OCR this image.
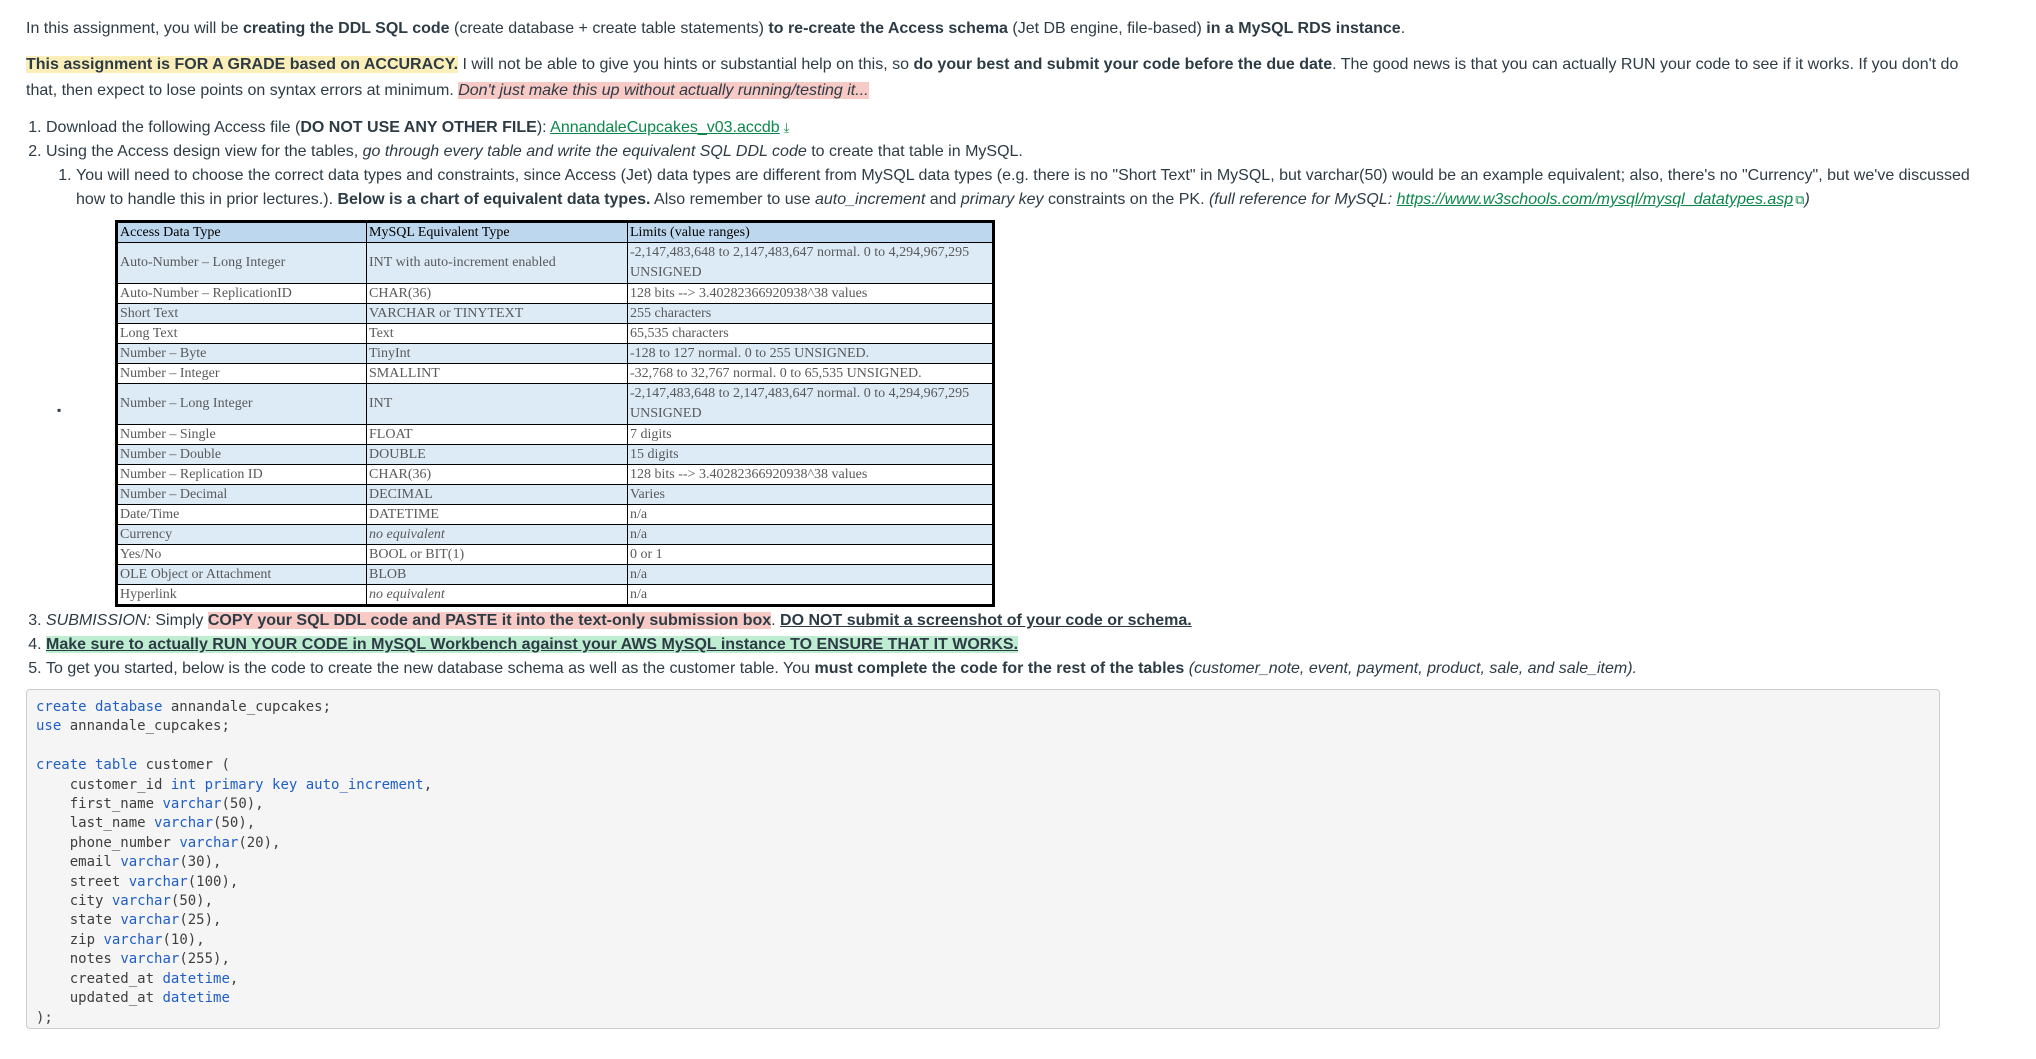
In this assignment, you will be creating the DDL SQL code (create database + create table statements) to re-create the Access schema (Jet DB engine, file-based) in a MySQL RDS instance.

This assignment is FOR A GRADE based on ACCURACY. I will not be able to give you hints or substantial help on this, so do your best and submit your code before the due date. The good news is that you can actually RUN your code to see if it works. If you don't do that, then expect to lose points on syntax errors at minimum. Don't just make this up without actually running/testing it...

1. Download the following Access file (DO NOT USE ANY OTHER FILE): AnnandaleCupcakes_v03.accdb ⤓
2. Using the Access design view for the tables, go through every table and write the equivalent SQL DDL code to create that table in MySQL.
1. You will need to choose the correct data types and constraints, since Access (Jet) data types are different from MySQL data types (e.g. there is no "Short Text" in MySQL, but varchar(50) would be an example equivalent; also, there's no "Currency", but we've discussed how to handle this in prior lectures.). Below is a chart of equivalent data types. Also remember to use auto_increment and primary key constraints on the PK. (full reference for MySQL: https://www.w3schools.com/mysql/mysql_datatypes.asp ⧉)
▪
Access Data Type	MySQL Equivalent Type	Limits (value ranges)
Auto-Number – Long Integer	INT with auto-increment enabled	-2,147,483,648 to 2,147,483,647 normal. 0 to 4,294,967,295 UNSIGNED
Auto-Number – ReplicationID	CHAR(36)	128 bits --> 3.40282366920938^38 values
Short Text	VARCHAR or TINYTEXT	255 characters
Long Text	Text	65,535 characters
Number – Byte	TinyInt	-128 to 127 normal. 0 to 255 UNSIGNED.
Number – Integer	SMALLINT	-32,768 to 32,767 normal. 0 to 65,535 UNSIGNED.
Number – Long Integer	INT	-2,147,483,648 to 2,147,483,647 normal. 0 to 4,294,967,295 UNSIGNED
Number – Single	FLOAT	7 digits
Number – Double	DOUBLE	15 digits
Number – Replication ID	CHAR(36)	128 bits --> 3.40282366920938^38 values
Number – Decimal	DECIMAL	Varies
Date/Time	DATETIME	n/a
Currency	no equivalent	n/a
Yes/No	BOOL or BIT(1)	0 or 1
OLE Object or Attachment	BLOB	n/a
Hyperlink	no equivalent	n/a
3. SUBMISSION: Simply COPY your SQL DDL code and PASTE it into the text-only submission box. DO NOT submit a screenshot of your code or schema.
4. Make sure to actually RUN YOUR CODE in MySQL Workbench against your AWS MySQL instance TO ENSURE THAT IT WORKS.
5. To get you started, below is the code to create the new database schema as well as the customer table. You must complete the code for the rest of the tables (customer_note, event, payment, product, sale, and sale_item).
create database annandale_cupcakes;
use annandale_cupcakes;

create table customer (
customer_id int primary key auto_increment,
first_name varchar(50),
last_name varchar(50),
phone_number varchar(20),
email varchar(30),
street varchar(100),
city varchar(50),
state varchar(25),
zip varchar(10),
notes varchar(255),
created_at datetime,
updated_at datetime
);
